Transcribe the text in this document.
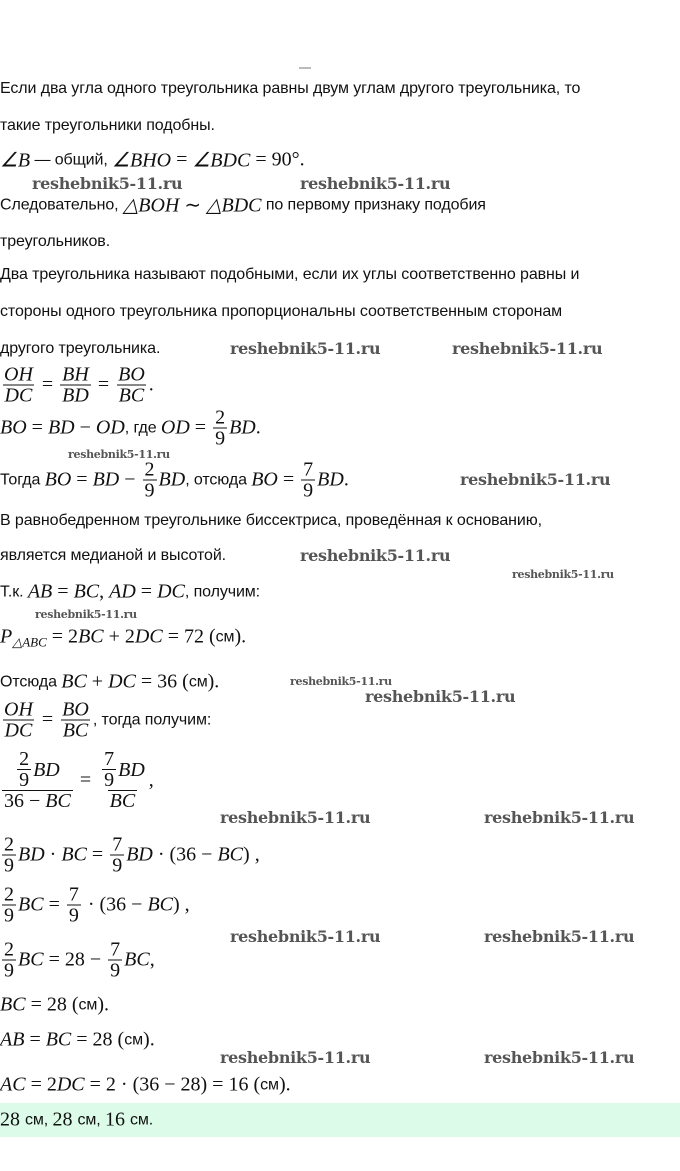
Если два угла одного треугольника равны двум углам другого треугольника, то
такие треугольники подобны.
∠B — общий, ∠BHO = ∠BDC = 90°.
Следовательно, △BOH ∼ △BDC по первому признаку подобия
треугольников.
Два треугольника называют подобными, если их углы соответственно равны и
стороны одного треугольника пропорциональны соответственным сторонам
другого треугольника.
$\frac{OH}{DC} = \frac{BH}{BD} = \frac{BO}{BC}$ .
BO = BD − OD , где OD = $\frac{2}{9}$ BD .
Тогда BO = BD − $\frac{2}{9}$ BD , отсюда BO = $\frac{7}{9}$ BD .
В равнобедренном треугольнике биссектриса, проведённая к основанию,
является медианой и высотой.
Т.к. AB = BC , AD = DC , получим:
P △ABC = 2 BC + 2 DC = 72 ( см ).
Отсюда BC + DC = 36 ( см ).
$\frac{OH}{DC} = \frac{BO}{BC}$ , тогда получим:
$\frac{\frac{2}{9} BD}{36 - BC} = \frac{\frac{7}{9} BD}{BC}$ ,
$\frac{2}{9}$ BD · BC = $\frac{7}{9}$ BD · (36 − BC ) ,
$\frac{2}{9}$ BC = $\frac{7}{9} \cdot (36$ − BC ) ,
$\frac{2}{9}$ BC = $28 - \frac{7}{9}$ BC ,
BC = 28 ( см ).
AB = BC = 28 ( см ).
AC = 2 DC = 2 · (36 − 28) = 16 ( см ).
28 см, 28 см, 16 см.
reshebnik5-11.ru	reshebnik5-11.ru
reshebnik5-11.ru	reshebnik5-11.ru
reshebnik5-11.ru
reshebnik5-11.ru
reshebnik5-11.ru
reshebnik5-11.ru
reshebnik5-11.ru
reshebnik5-11.ru
reshebnik5-11.ru
reshebnik5-11.ru	reshebnik5-11.ru
reshebnik5-11.ru	reshebnik5-11.ru
reshebnik5-11.ru	reshebnik5-11.ru
